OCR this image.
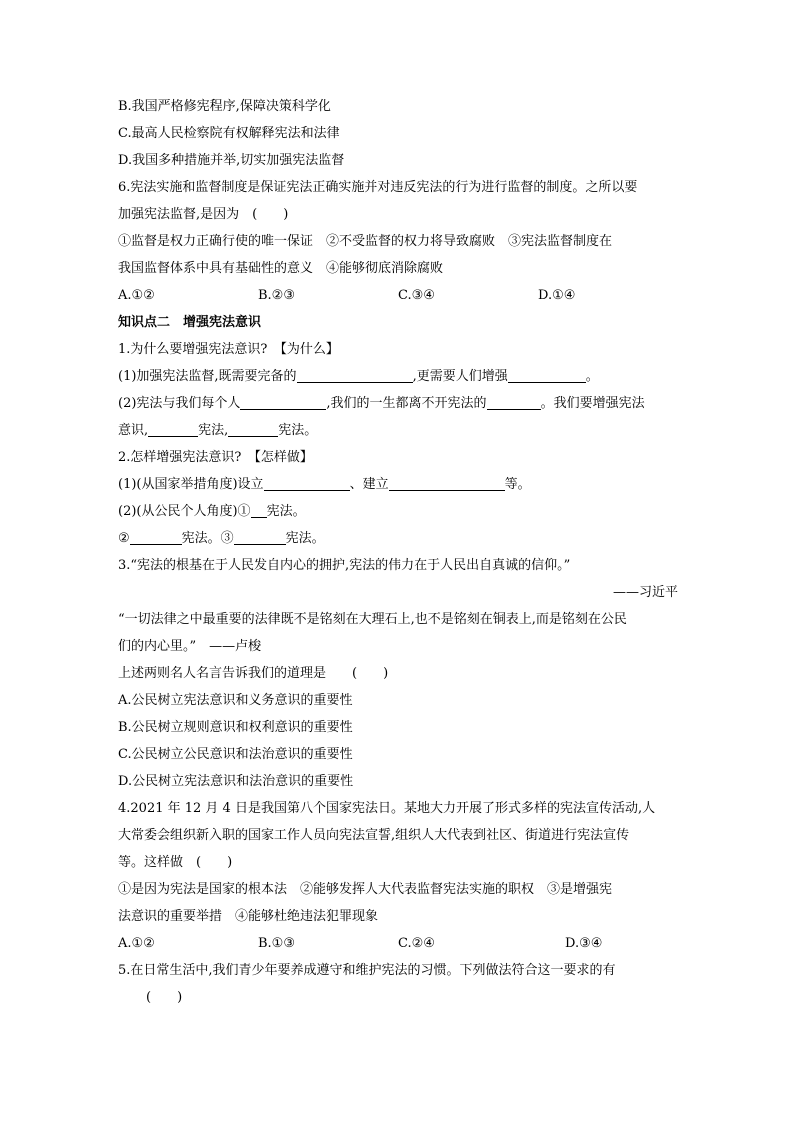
B.我国严格修宪程序,保障决策科学化
C.最高人民检察院有权解释宪法和法律
D.我国多种措施并举,切实加强宪法监督
6.宪法实施和监督制度是保证宪法正确实施并对违反宪法的行为进行监督的制度。之所以要
加强宪法监督,是因为　(　　)
①监督是权力正确行使的唯一保证　②不受监督的权力将导致腐败　③宪法监督制度在
我国监督体系中具有基础性的意义　④能够彻底消除腐败
A.①②	B.②③	C.③④	D.①④
知识点二　增强宪法意识
1.为什么要增强宪法意识?　【为什么】
(1)加强宪法监督,既需要完备的	,更需要人们增强	。
(2)宪法与我们每个人	,我们的一生都离不开宪法的	。我们要增强宪法
意识,	宪法,	宪法。
2.怎样增强宪法意识?　【怎样做】
(1)(从国家举措角度)设立	、建立	等。
(2)(从公民个人角度)① 宪法。
②	宪法。③	宪法。
3.“宪法的根基在于人民发自内心的拥护,宪法的伟力在于人民出自真诚的信仰。”
——习近平
“一切法律之中最重要的法律既不是铭刻在大理石上,也不是铭刻在铜表上,而是铭刻在公民
们的内心里。”　——卢梭
上述两则名人名言告诉我们的道理是　　(　　)
A.公民树立宪法意识和义务意识的重要性
B.公民树立规则意识和权利意识的重要性
C.公民树立公民意识和法治意识的重要性
D.公民树立宪法意识和法治意识的重要性
4.2021 年 12 月 4 日是我国第八个国家宪法日。某地大力开展了形式多样的宪法宣传活动,人
大常委会组织新入职的国家工作人员向宪法宣誓,组织人大代表到社区、街道进行宪法宣传
等。这样做　(　　)
①是因为宪法是国家的根本法　②能够发挥人大代表监督宪法实施的职权　③是增强宪
法意识的重要举措　④能够杜绝违法犯罪现象
A.①②	B.①③	C.②④	D.③④
5.在日常生活中,我们青少年要养成遵守和维护宪法的习惯。下列做法符合这一要求的有
(　　)
